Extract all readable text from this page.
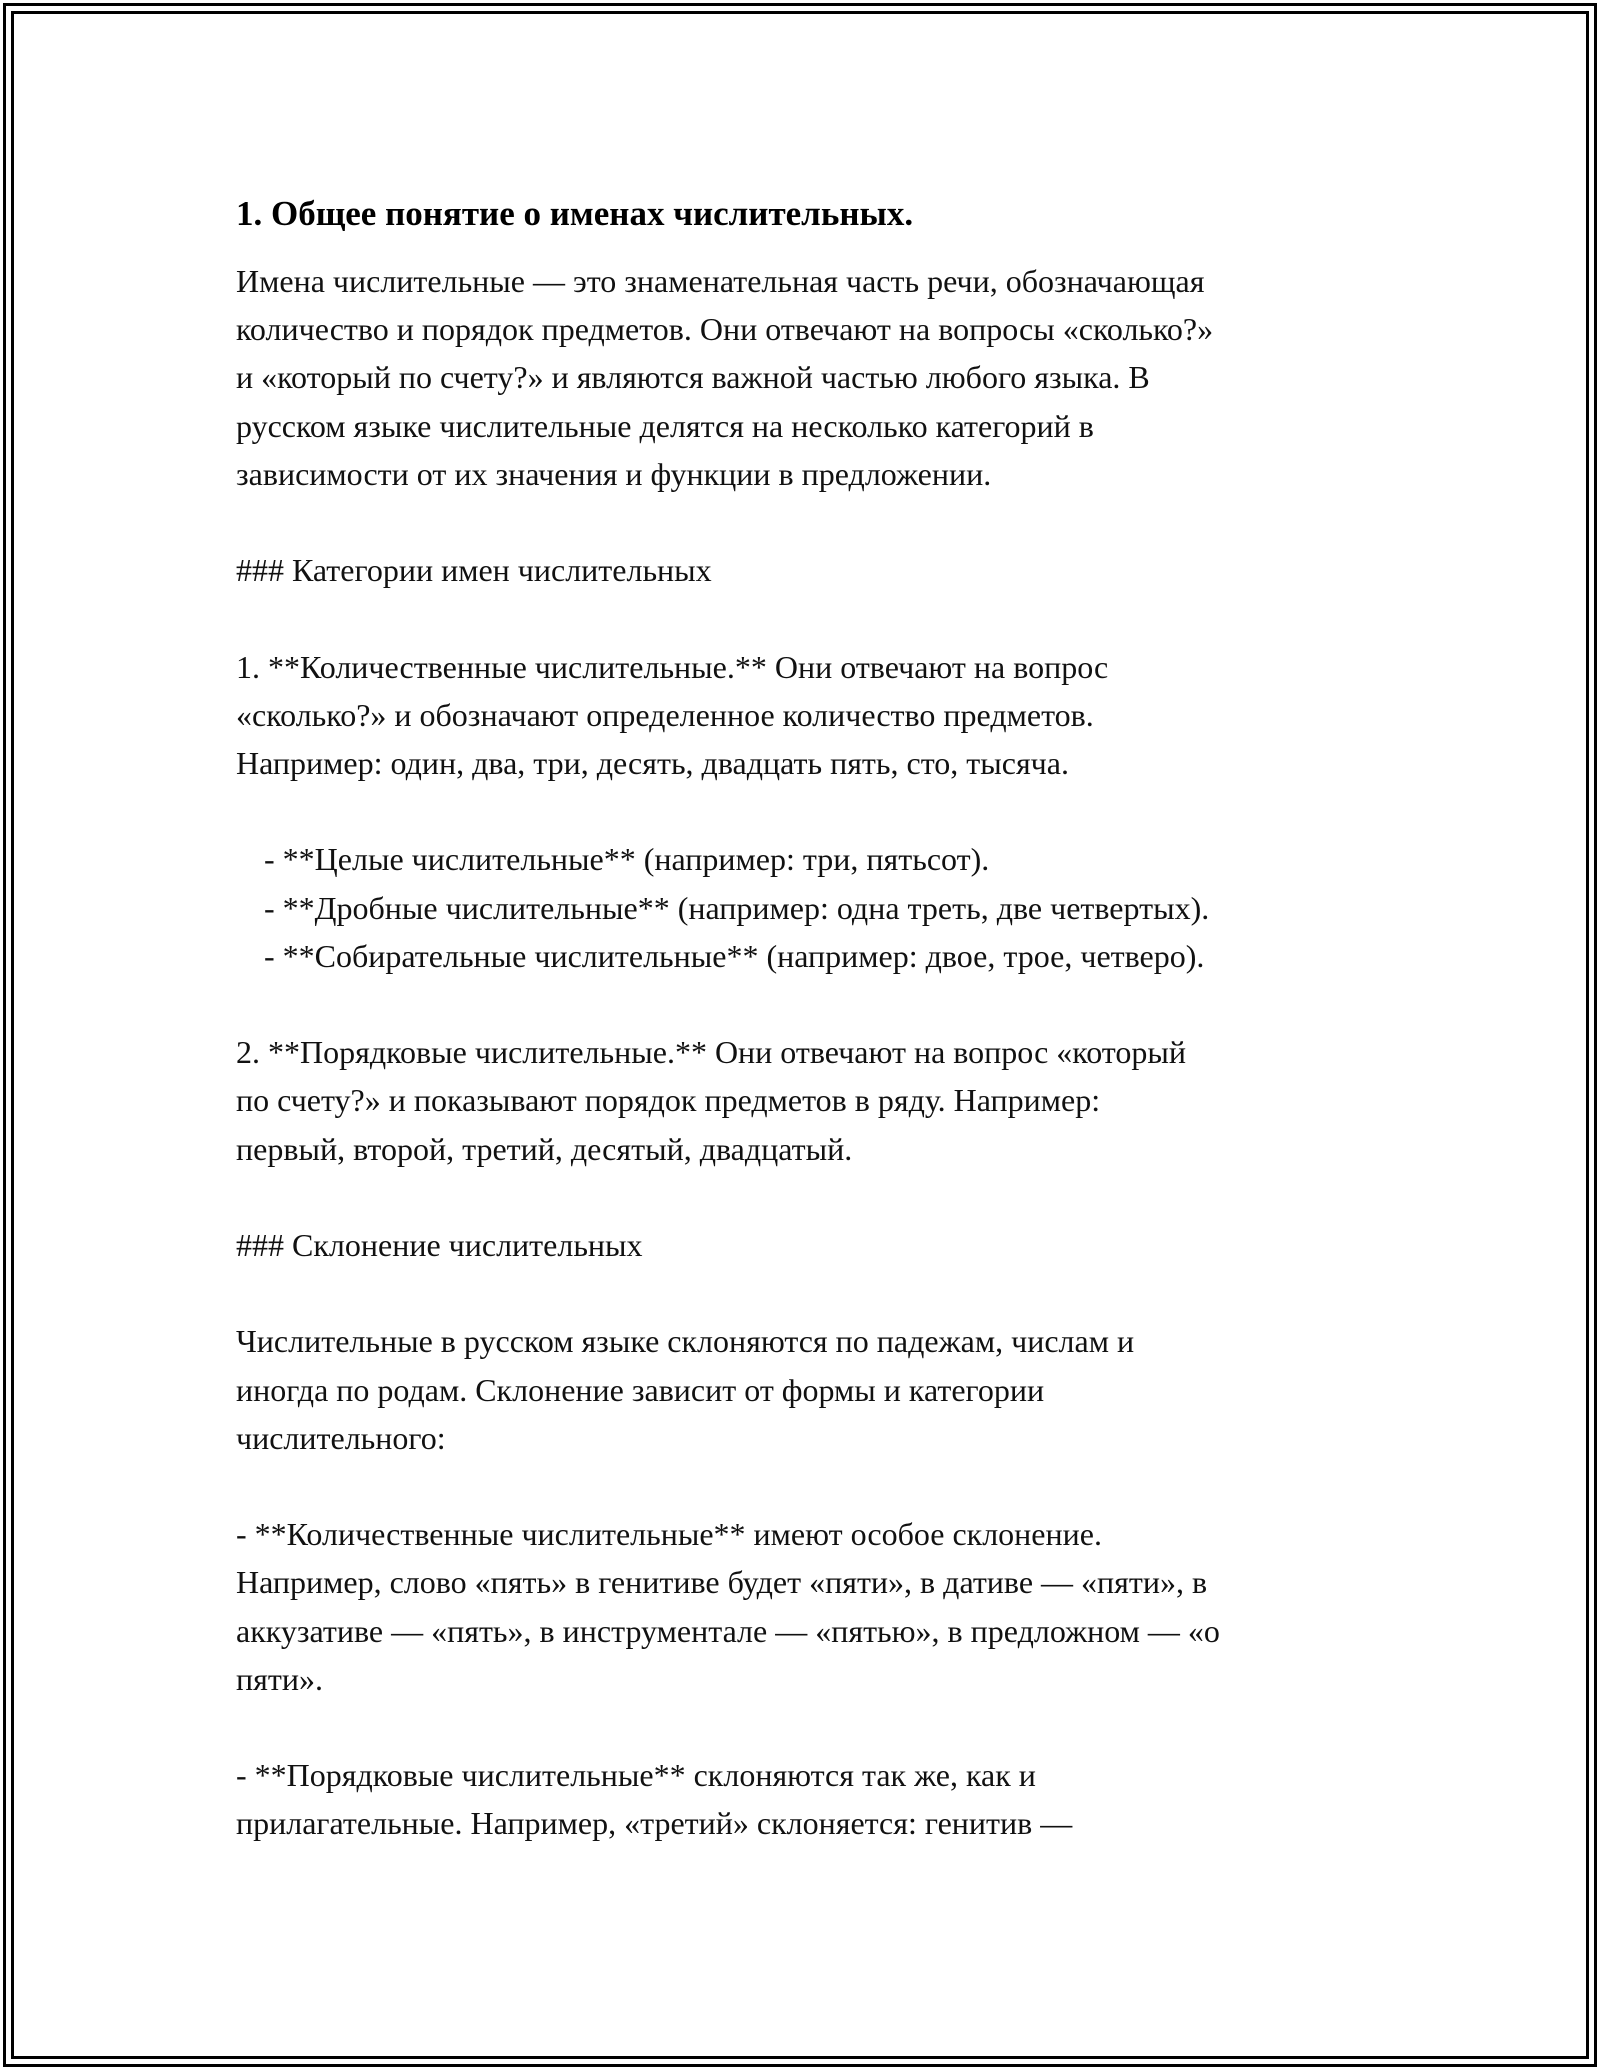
1. Общее понятие о именах числительных.

Имена числительные — это знаменательная часть речи, обозначающая
количество и порядок предметов. Они отвечают на вопросы «сколько?»
и «который по счету?» и являются важной частью любого языка. В
русском языке числительные делятся на несколько категорий в
зависимости от их значения и функции в предложении.

### Категории имен числительных

1. **Количественные числительные.** Они отвечают на вопрос
«сколько?» и обозначают определенное количество предметов.
Например: один, два, три, десять, двадцать пять, сто, тысяча.

- **Целые числительные** (например: три, пятьсот).

- **Дробные числительные** (например: одна треть, две четвертых).

- **Собирательные числительные** (например: двое, трое, четверо).

2. **Порядковые числительные.** Они отвечают на вопрос «который
по счету?» и показывают порядок предметов в ряду. Например:
первый, второй, третий, десятый, двадцатый.

### Склонение числительных

Числительные в русском языке склоняются по падежам, числам и
иногда по родам. Склонение зависит от формы и категории
числительного:

- **Количественные числительные** имеют особое склонение.
Например, слово «пять» в генитиве будет «пяти», в дативе — «пяти», в
аккузативе — «пять», в инструментале — «пятью», в предложном — «о
пяти».

- **Порядковые числительные** склоняются так же, как и
прилагательные. Например, «третий» склоняется: генитив —
